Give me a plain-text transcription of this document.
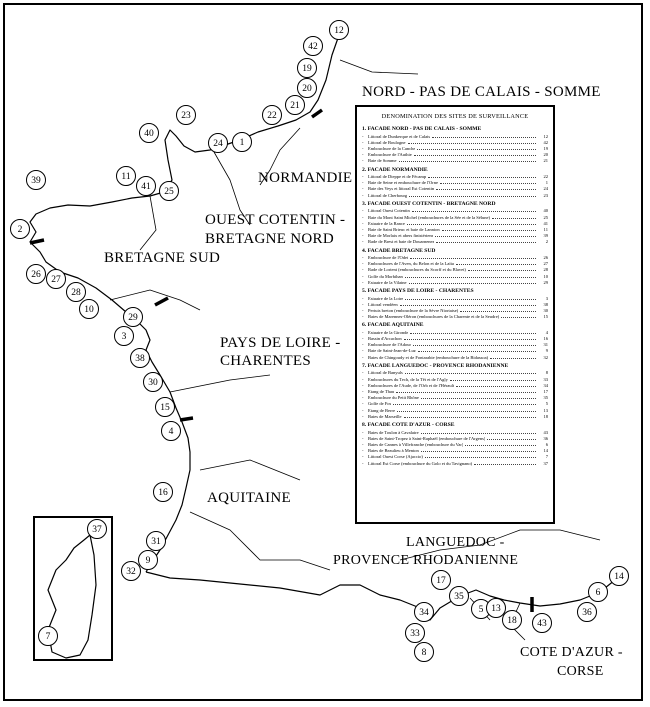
NORD - PAS DE CALAIS - SOMME
NORMANDIE
OUEST COTENTIN -
BRETAGNE NORD
BRETAGNE SUD
PAYS DE LOIRE -
CHARENTES
AQUITAINE
LANGUEDOC -
PROVENCE RHODANIENNE
COTE D'AZUR -
CORSE
12
42
19
20
21
22
1
24
23
40
11
41	25
39
2
26	27
28
10
29
3
38
30
15
4
16
31
9
32
37
7
17
34
35
5 13
18
33
8
43
36
6
14
DENOMINATION DES SITES DE SURVEILLANCE
1. FACADE NORD - PAS DE CALAIS - SOMME
-	Littoral de Dunkerque et de Calais	12
-	Littoral de Boulogne	42
-	Embouchure de la Canche	19
-	Embouchure de l'Authie	20
-	Baie de Somme	21
2. FACADE NORMANDIE
-	Littoral de Dieppe et de Fécamp	22
-	Baie de Seine et embouchure de l'Orne	1
-	Baie des Veys et littoral Est Cotentin	24
-	Littoral de Cherbourg	23
3. FACADE OUEST COTENTIN - BRETAGNE NORD
-	Littoral Ouest Cotentin	40
-	Baie du Mont Saint Michel (embouchures de la Sée et de la Sélune)	25
-	Estuaire de la Rance	41
-	Baie de Saint Brieuc et baie de Lannion	11
-	Baie de Morlaix et abers finistériens	39
-	Rade de Brest et baie de Douarnenez	2
4. FACADE BRETAGNE SUD
-	Embouchure de l'Odet	26
-	Embouchures de l'Aven, du Belon et de la Laïta	27
-	Rade de Lorient (embouchures du Scorff et du Blavet)	28
-	Golfe du Morbihan	10
-	Estuaire de la Vilaine	29
5. FACADE PAYS DE LOIRE - CHARENTES
-	Estuaire de la Loire	3
-	Littoral vendéen	38
-	Pertuis breton (embouchure de la Sèvre Niortaise)	30
-	Baies de Marennes-Oléron (embouchures de la Charente et de la Seudre)	15
6. FACADE AQUITAINE
-	Estuaire de la Gironde	4
-	Bassin d'Arcachon	16
-	Embouchure de l'Adour	31
-	Baie de Saint-Jean-de-Luz	9
-	Baies de Chingoudy et de Fontarabie (embouchure de la Bidassoa)	32
7. FACADE LANGUEDOC - PROVENCE RHODANIENNE
-	Littoral de Banyuls	8
-	Embouchures du Tech, de la Têt et de l'Agly	33
-	Embouchures de l'Aude, de l'Orb et de l'Hérault	34
-	Etang de Thau	17
-	Embouchure du Petit Rhône	35
-	Golfe de Fos	5
-	Etang de Berre	13
-	Baies de Marseille	18
8. FACADE COTE D'AZUR - CORSE
-	Baies de Toulon à Cavalaire	43
-	Baies de Saint-Tropez à Saint-Raphaël (embouchure de l'Argens)	36
-	Baies de Cannes à Villefranche (embouchure du Var)	6
-	Baies de Beaulieu à Menton	14
-	Littoral Ouest Corse (Ajaccio)	7
-	Littoral Est Corse (embouchure du Golo et du Tavignano)	37
